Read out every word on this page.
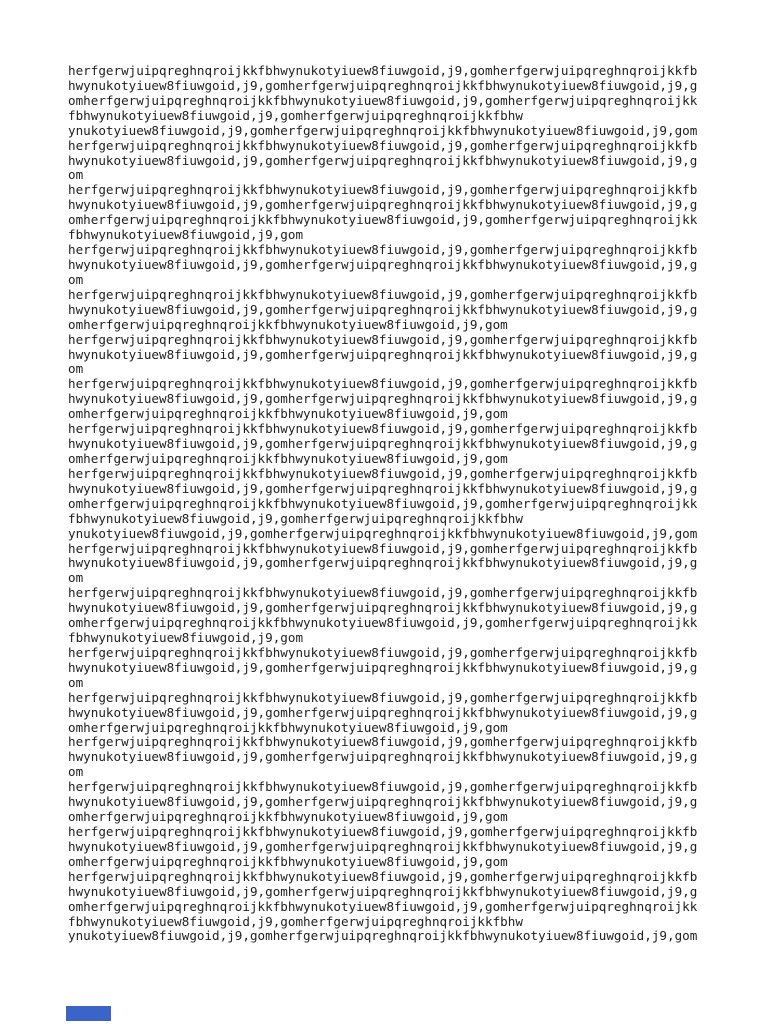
herfgerwjuipqreghnqroijkkfbhwynukotyiuew8fiuwgoid,j9,gomherfgerwjuipqreghnqroijkkfb
hwynukotyiuew8fiuwgoid,j9,gomherfgerwjuipqreghnqroijkkfbhwynukotyiuew8fiuwgoid,j9,g
omherfgerwjuipqreghnqroijkkfbhwynukotyiuew8fiuwgoid,j9,gomherfgerwjuipqreghnqroijkk
fbhwynukotyiuew8fiuwgoid,j9,gomherfgerwjuipqreghnqroijkkfbhw
ynukotyiuew8fiuwgoid,j9,gomherfgerwjuipqreghnqroijkkfbhwynukotyiuew8fiuwgoid,j9,gom
herfgerwjuipqreghnqroijkkfbhwynukotyiuew8fiuwgoid,j9,gomherfgerwjuipqreghnqroijkkfb
hwynukotyiuew8fiuwgoid,j9,gomherfgerwjuipqreghnqroijkkfbhwynukotyiuew8fiuwgoid,j9,g
om
herfgerwjuipqreghnqroijkkfbhwynukotyiuew8fiuwgoid,j9,gomherfgerwjuipqreghnqroijkkfb
hwynukotyiuew8fiuwgoid,j9,gomherfgerwjuipqreghnqroijkkfbhwynukotyiuew8fiuwgoid,j9,g
omherfgerwjuipqreghnqroijkkfbhwynukotyiuew8fiuwgoid,j9,gomherfgerwjuipqreghnqroijkk
fbhwynukotyiuew8fiuwgoid,j9,gom
herfgerwjuipqreghnqroijkkfbhwynukotyiuew8fiuwgoid,j9,gomherfgerwjuipqreghnqroijkkfb
hwynukotyiuew8fiuwgoid,j9,gomherfgerwjuipqreghnqroijkkfbhwynukotyiuew8fiuwgoid,j9,g
om
herfgerwjuipqreghnqroijkkfbhwynukotyiuew8fiuwgoid,j9,gomherfgerwjuipqreghnqroijkkfb
hwynukotyiuew8fiuwgoid,j9,gomherfgerwjuipqreghnqroijkkfbhwynukotyiuew8fiuwgoid,j9,g
omherfgerwjuipqreghnqroijkkfbhwynukotyiuew8fiuwgoid,j9,gom
herfgerwjuipqreghnqroijkkfbhwynukotyiuew8fiuwgoid,j9,gomherfgerwjuipqreghnqroijkkfb
hwynukotyiuew8fiuwgoid,j9,gomherfgerwjuipqreghnqroijkkfbhwynukotyiuew8fiuwgoid,j9,g
om
herfgerwjuipqreghnqroijkkfbhwynukotyiuew8fiuwgoid,j9,gomherfgerwjuipqreghnqroijkkfb
hwynukotyiuew8fiuwgoid,j9,gomherfgerwjuipqreghnqroijkkfbhwynukotyiuew8fiuwgoid,j9,g
omherfgerwjuipqreghnqroijkkfbhwynukotyiuew8fiuwgoid,j9,gom
herfgerwjuipqreghnqroijkkfbhwynukotyiuew8fiuwgoid,j9,gomherfgerwjuipqreghnqroijkkfb
hwynukotyiuew8fiuwgoid,j9,gomherfgerwjuipqreghnqroijkkfbhwynukotyiuew8fiuwgoid,j9,g
omherfgerwjuipqreghnqroijkkfbhwynukotyiuew8fiuwgoid,j9,gom
herfgerwjuipqreghnqroijkkfbhwynukotyiuew8fiuwgoid,j9,gomherfgerwjuipqreghnqroijkkfb
hwynukotyiuew8fiuwgoid,j9,gomherfgerwjuipqreghnqroijkkfbhwynukotyiuew8fiuwgoid,j9,g
omherfgerwjuipqreghnqroijkkfbhwynukotyiuew8fiuwgoid,j9,gomherfgerwjuipqreghnqroijkk
fbhwynukotyiuew8fiuwgoid,j9,gomherfgerwjuipqreghnqroijkkfbhw
ynukotyiuew8fiuwgoid,j9,gomherfgerwjuipqreghnqroijkkfbhwynukotyiuew8fiuwgoid,j9,gom
herfgerwjuipqreghnqroijkkfbhwynukotyiuew8fiuwgoid,j9,gomherfgerwjuipqreghnqroijkkfb
hwynukotyiuew8fiuwgoid,j9,gomherfgerwjuipqreghnqroijkkfbhwynukotyiuew8fiuwgoid,j9,g
om
herfgerwjuipqreghnqroijkkfbhwynukotyiuew8fiuwgoid,j9,gomherfgerwjuipqreghnqroijkkfb
hwynukotyiuew8fiuwgoid,j9,gomherfgerwjuipqreghnqroijkkfbhwynukotyiuew8fiuwgoid,j9,g
omherfgerwjuipqreghnqroijkkfbhwynukotyiuew8fiuwgoid,j9,gomherfgerwjuipqreghnqroijkk
fbhwynukotyiuew8fiuwgoid,j9,gom
herfgerwjuipqreghnqroijkkfbhwynukotyiuew8fiuwgoid,j9,gomherfgerwjuipqreghnqroijkkfb
hwynukotyiuew8fiuwgoid,j9,gomherfgerwjuipqreghnqroijkkfbhwynukotyiuew8fiuwgoid,j9,g
om
herfgerwjuipqreghnqroijkkfbhwynukotyiuew8fiuwgoid,j9,gomherfgerwjuipqreghnqroijkkfb
hwynukotyiuew8fiuwgoid,j9,gomherfgerwjuipqreghnqroijkkfbhwynukotyiuew8fiuwgoid,j9,g
omherfgerwjuipqreghnqroijkkfbhwynukotyiuew8fiuwgoid,j9,gom
herfgerwjuipqreghnqroijkkfbhwynukotyiuew8fiuwgoid,j9,gomherfgerwjuipqreghnqroijkkfb
hwynukotyiuew8fiuwgoid,j9,gomherfgerwjuipqreghnqroijkkfbhwynukotyiuew8fiuwgoid,j9,g
om
herfgerwjuipqreghnqroijkkfbhwynukotyiuew8fiuwgoid,j9,gomherfgerwjuipqreghnqroijkkfb
hwynukotyiuew8fiuwgoid,j9,gomherfgerwjuipqreghnqroijkkfbhwynukotyiuew8fiuwgoid,j9,g
omherfgerwjuipqreghnqroijkkfbhwynukotyiuew8fiuwgoid,j9,gom
herfgerwjuipqreghnqroijkkfbhwynukotyiuew8fiuwgoid,j9,gomherfgerwjuipqreghnqroijkkfb
hwynukotyiuew8fiuwgoid,j9,gomherfgerwjuipqreghnqroijkkfbhwynukotyiuew8fiuwgoid,j9,g
omherfgerwjuipqreghnqroijkkfbhwynukotyiuew8fiuwgoid,j9,gom
herfgerwjuipqreghnqroijkkfbhwynukotyiuew8fiuwgoid,j9,gomherfgerwjuipqreghnqroijkkfb
hwynukotyiuew8fiuwgoid,j9,gomherfgerwjuipqreghnqroijkkfbhwynukotyiuew8fiuwgoid,j9,g
omherfgerwjuipqreghnqroijkkfbhwynukotyiuew8fiuwgoid,j9,gomherfgerwjuipqreghnqroijkk
fbhwynukotyiuew8fiuwgoid,j9,gomherfgerwjuipqreghnqroijkkfbhw
ynukotyiuew8fiuwgoid,j9,gomherfgerwjuipqreghnqroijkkfbhwynukotyiuew8fiuwgoid,j9,gom
